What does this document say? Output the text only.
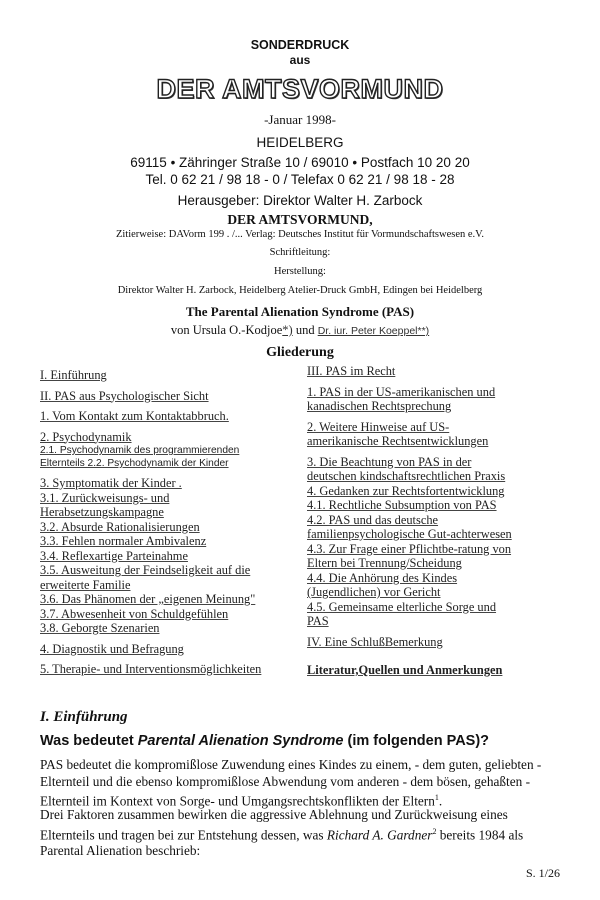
SONDERDRUCK
aus
DER AMTSVORMUND
-Januar 1998-
HEIDELBERG
69115 • Zähringer Straße 10 / 69010 • Postfach 10 20 20
Tel. 0 62 21 / 98 18 - 0 / Telefax 0 62 21 / 98 18 - 28
Herausgeber: Direktor Walter H. Zarbock
DER AMTSVORMUND,
Zitierweise: DAVorm 199 . /... Verlag: Deutsches Institut für Vormundschaftswesen e.V.
Schriftleitung:
Herstellung:
Direktor Walter H. Zarbock, Heidelberg Atelier-Druck GmbH, Edingen bei Heidelberg
The Parental Alienation Syndrome (PAS)
von Ursula O.-Kodjoe*) und Dr. iur. Peter Koeppel**)
Gliederung

I. Einführung

II. PAS aus Psychologischer Sicht

1. Vom Kontakt zum Kontaktabbruch.

2. Psychodynamik

2.1. Psychodynamik des programmierenden

Elternteils 2.2. Psychodynamik der Kinder

3. Symptomatik der Kinder .

3.1. Zurückweisungs- und

Herabsetzungskampagne

3.2. Absurde Rationalisierungen

3.3. Fehlen normaler Ambivalenz

3.4. Reflexartige Parteinahme

3.5. Ausweitung der Feindseligkeit auf die

erweiterte Familie

3.6. Das Phänomen der „eigenen Meinung"

3.7. Abwesenheit von Schuldgefühlen

3.8. Geborgte Szenarien

4. Diagnostik und Befragung

5. Therapie- und Interventionsmöglichkeiten

III. PAS im Recht

1. PAS in der US-amerikanischen und

kanadischen Rechtsprechung

2. Weitere Hinweise auf US-

amerikanische Rechtsentwicklungen

3. Die Beachtung von PAS in der

deutschen kindschaftsrechtlichen Praxis

4. Gedanken zur Rechtsfortentwicklung

4.1. Rechtliche Subsumption von PAS

4.2. PAS und das deutsche

familienpsychologische Gut-achterwesen

4.3. Zur Frage einer Pflichtbe-ratung von

Eltern bei Trennung/Scheidung

4.4. Die Anhörung des Kindes

(Jugendlichen) vor Gericht

4.5. Gemeinsame elterliche Sorge und

PAS

IV. Eine SchlußBemerkung

Literatur,Quellen und Anmerkungen

I. Einführung
Was bedeutet Parental Alienation Syndrome (im folgenden PAS)?
PAS bedeutet die kompromißlose Zuwendung eines Kindes zu einem, - dem guten, geliebten - Elternteil und die ebenso kompromißlose Abwendung vom anderen - dem bösen, gehaßten - Elternteil im Kontext von Sorge- und Umgangsrechtskonflikten der Eltern$^1$.
Drei Faktoren zusammen bewirken die aggressive Ablehnung und Zurückweisung eines Elternteils und tragen bei zur Entstehung dessen, was Richard A. Gardner$^2$ bereits 1984 als Parental Alienation beschrieb:
S. 1/26
